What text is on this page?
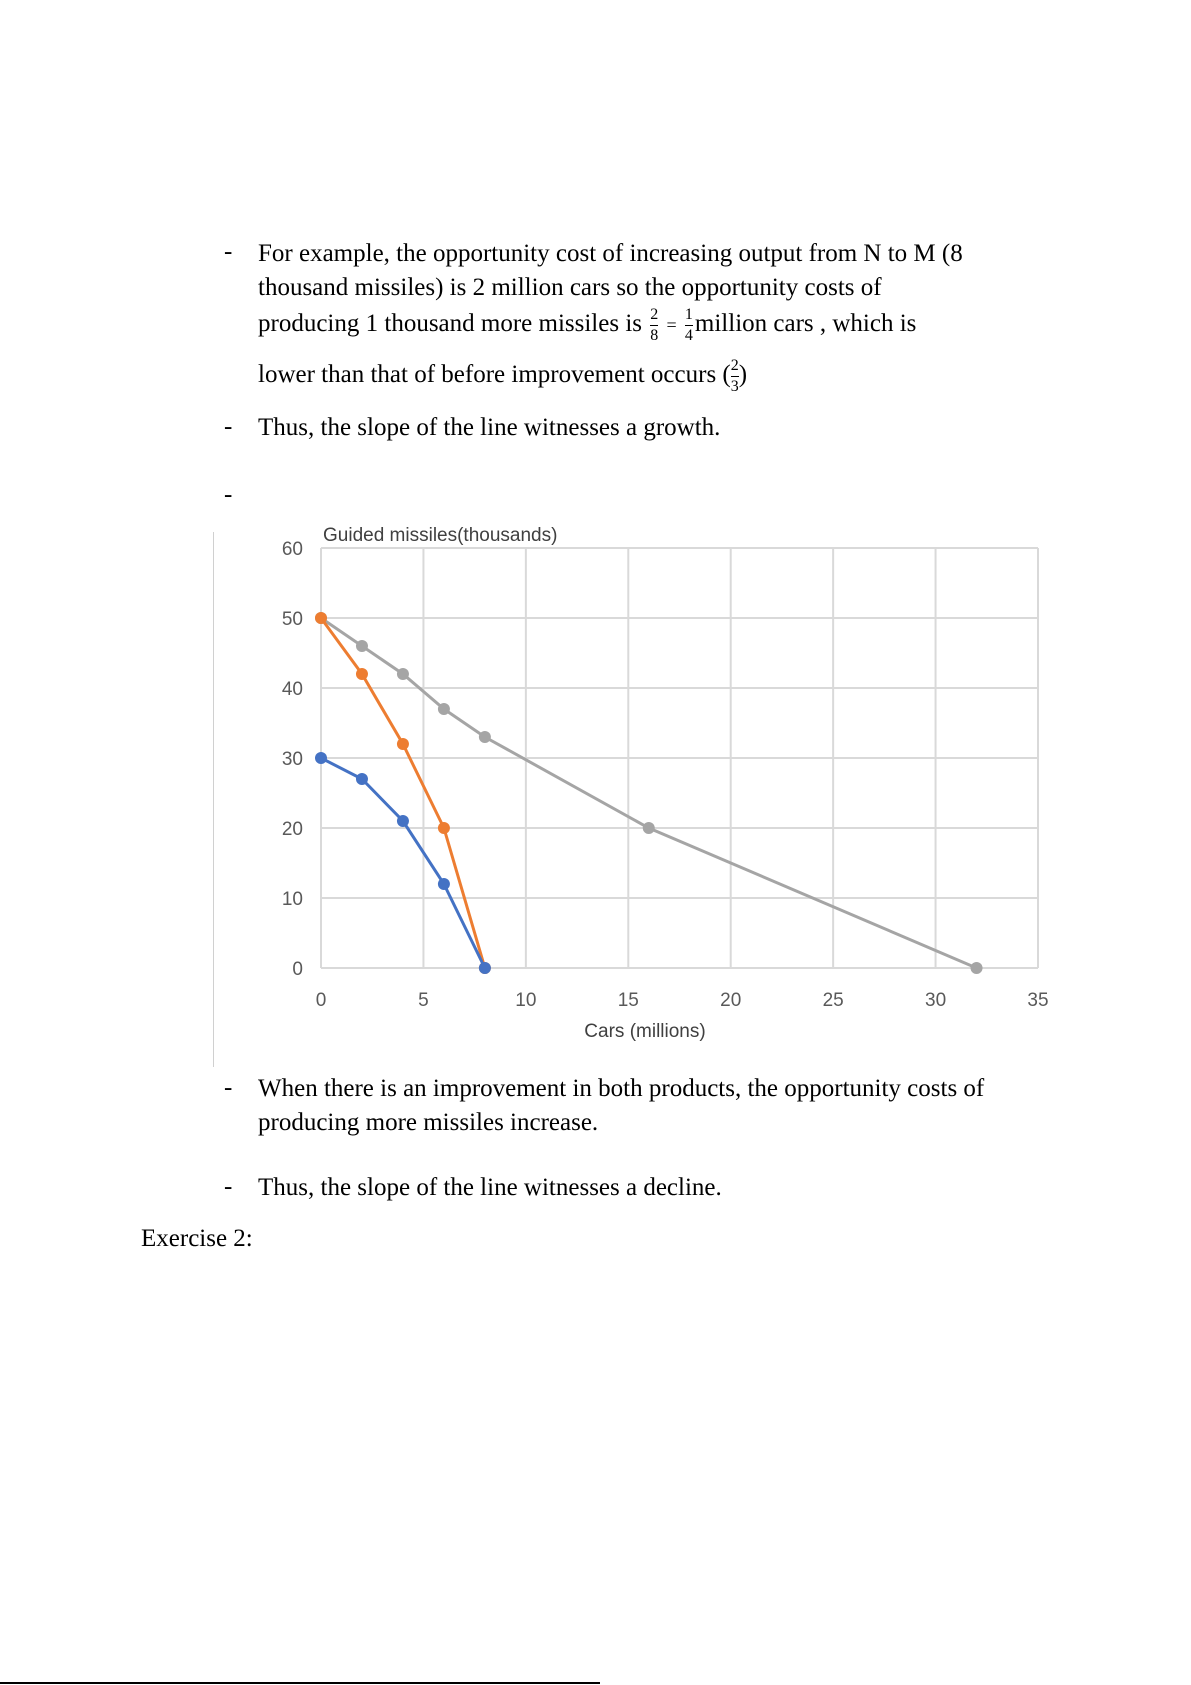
- For example, the opportunity cost of increasing output from N to M (8
thousand missiles) is 2 million cars so the opportunity costs of
producing 1 thousand more missiles is $\frac{2}{8} = \frac{1}{4}$ million cars , which is
lower than that of before improvement occurs ( $\frac{2}{3}$ )
- Thus, the slope of the line witnesses a growth.
-
0	5	10	15	20	25	30	35
0
10
20
30
40
50
60
Guided missiles(thousands)
Cars (millions)
- When there is an improvement in both products, the opportunity costs of
producing more missiles increase.
- Thus, the slope of the line witnesses a decline.
Exercise 2:
